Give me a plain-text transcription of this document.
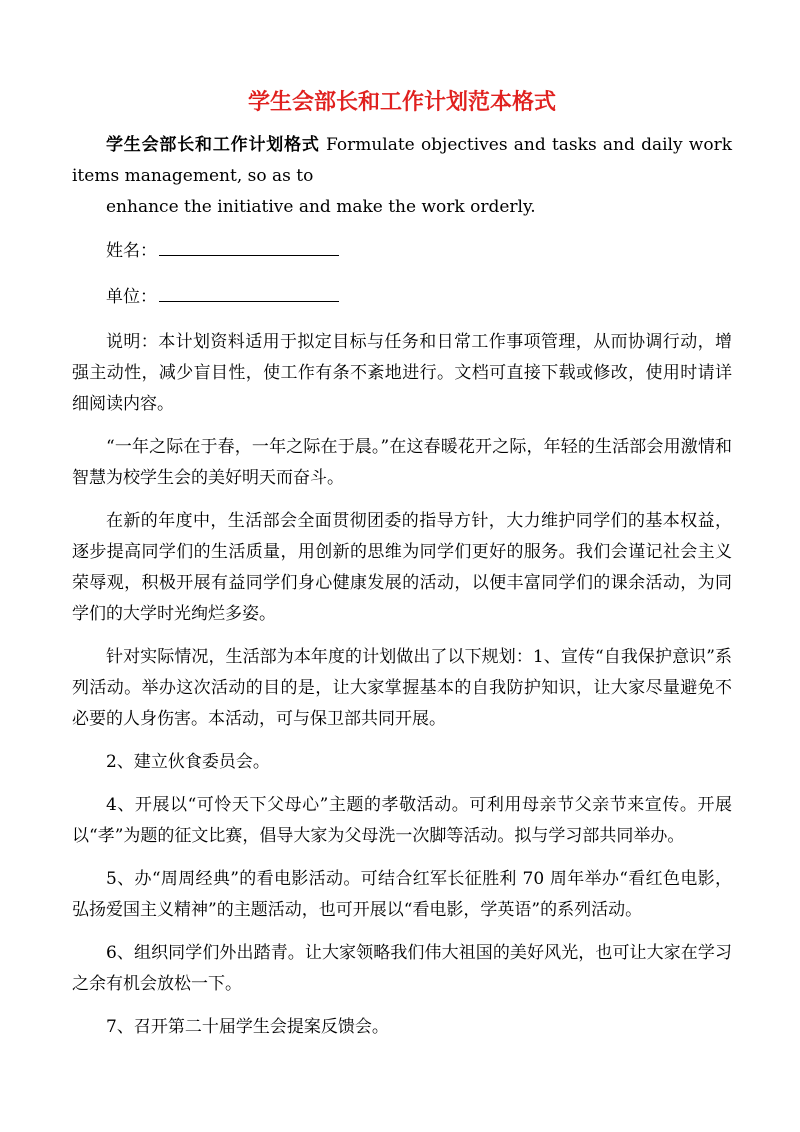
学生会部长和工作计划范本格式

学生会部长和工作计划格式 Formulate objectives and tasks and daily work items management, so as to

enhance the initiative and make the work orderly.

姓名：
单位：

说明：本计划资料适用于拟定目标与任务和日常工作事项管理，从而协调行动，增强主动性，减少盲目性，使工作有条不紊地进行。文档可直接下载或修改，使用时请详细阅读内容。

“一年之际在于春，一年之际在于晨。”在这春暖花开之际，年轻的生活部会用激情和智慧为校学生会的美好明天而奋斗。

在新的年度中，生活部会全面贯彻团委的指导方针，大力维护同学们的基本权益，逐步提高同学们的生活质量，用创新的思维为同学们更好的服务。我们会谨记社会主义荣辱观，积极开展有益同学们身心健康发展的活动，以便丰富同学们的课余活动，为同学们的大学时光绚烂多姿。

针对实际情况，生活部为本年度的计划做出了以下规划：1、宣传“自我保护意识”系列活动。举办这次活动的目的是，让大家掌握基本的自我防护知识，让大家尽量避免不必要的人身伤害。本活动，可与保卫部共同开展。

2、建立伙食委员会。

4、开展以“可怜天下父母心”主题的孝敬活动。可利用母亲节父亲节来宣传。开展以“孝”为题的征文比赛，倡导大家为父母洗一次脚等活动。拟与学习部共同举办。

5、办“周周经典”的看电影活动。可结合红军长征胜利 70 周年举办“看红色电影，弘扬爱国主义精神”的主题活动，也可开展以“看电影，学英语”的系列活动。

6、组织同学们外出踏青。让大家领略我们伟大祖国的美好风光，也可让大家在学习之余有机会放松一下。

7、召开第二十届学生会提案反馈会。
